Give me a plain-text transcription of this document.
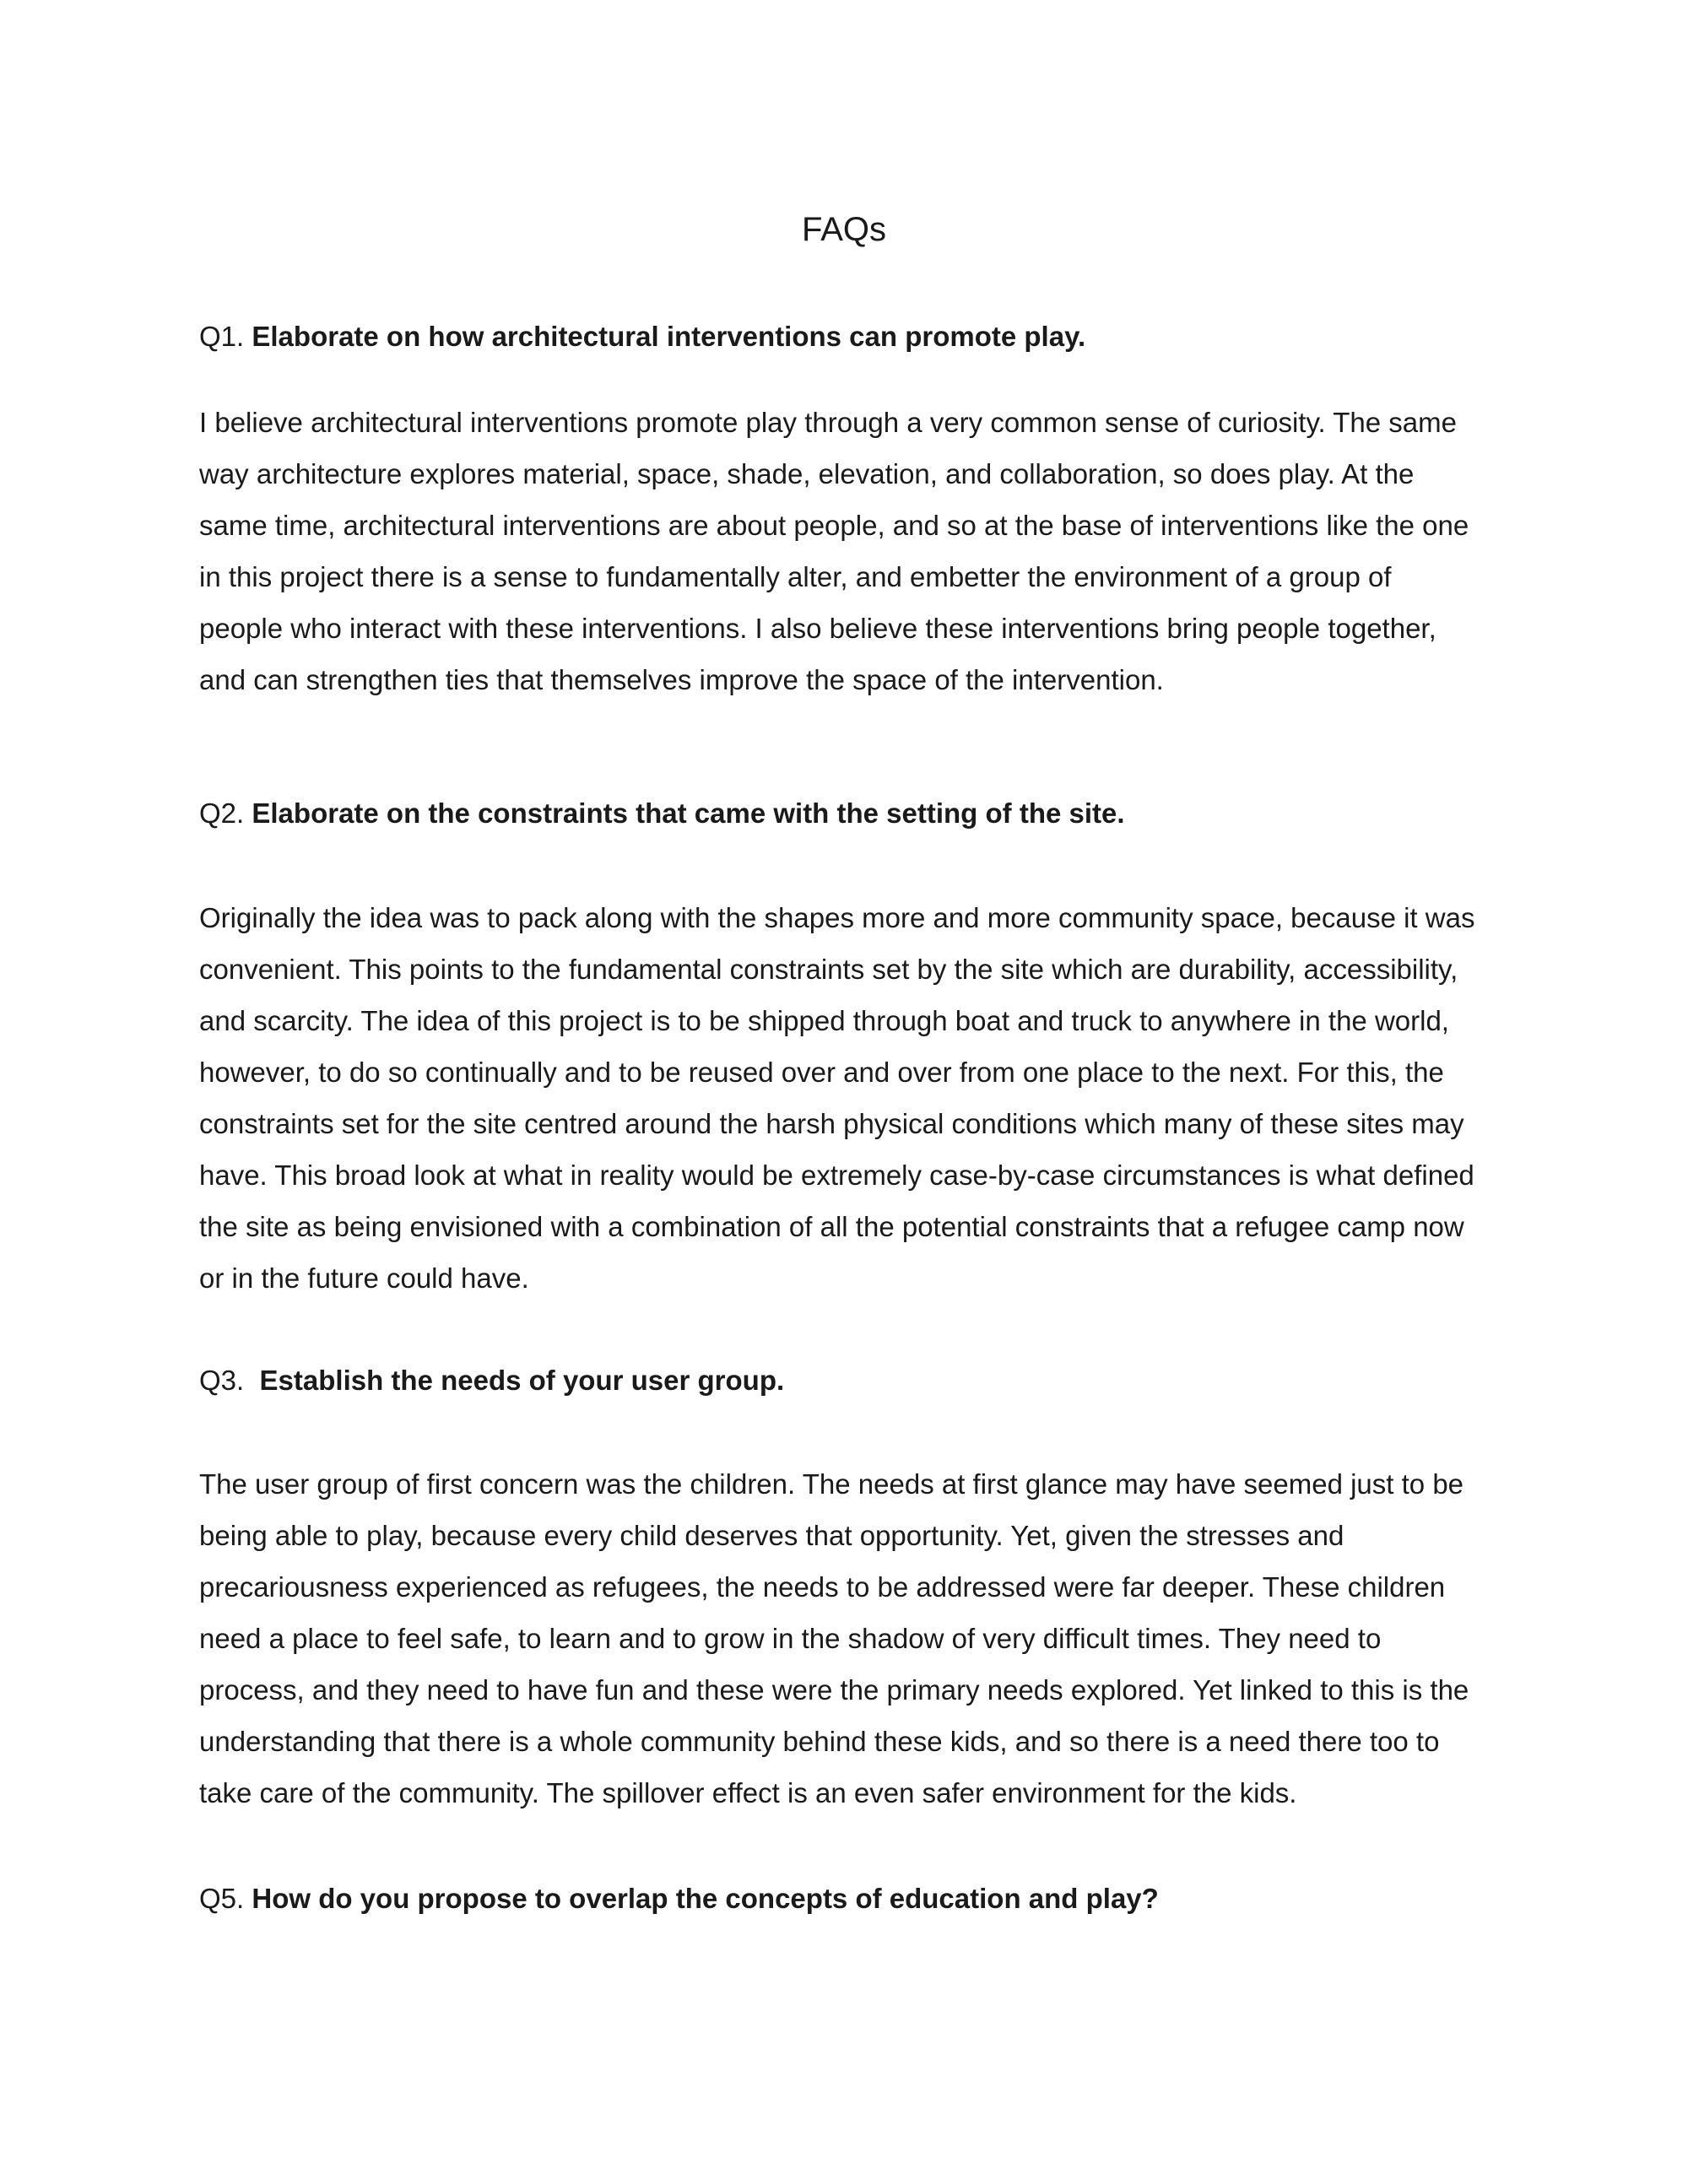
FAQs

Q1. Elaborate on how architectural interventions can promote play.

I believe architectural interventions promote play through a very common sense of curiosity. The same
way architecture explores material, space, shade, elevation, and collaboration, so does play. At the
same time, architectural interventions are about people, and so at the base of interventions like the one
in this project there is a sense to fundamentally alter, and embetter the environment of a group of
people who interact with these interventions. I also believe these interventions bring people together,
and can strengthen ties that themselves improve the space of the intervention.

Q2. Elaborate on the constraints that came with the setting of the site.

Originally the idea was to pack along with the shapes more and more community space, because it was
convenient. This points to the fundamental constraints set by the site which are durability, accessibility,
and scarcity. The idea of this project is to be shipped through boat and truck to anywhere in the world,
however, to do so continually and to be reused over and over from one place to the next. For this, the
constraints set for the site centred around the harsh physical conditions which many of these sites may
have. This broad look at what in reality would be extremely case-by-case circumstances is what defined
the site as being envisioned with a combination of all the potential constraints that a refugee camp now
or in the future could have.

Q3. Establish the needs of your user group.

The user group of first concern was the children. The needs at first glance may have seemed just to be
being able to play, because every child deserves that opportunity. Yet, given the stresses and
precariousness experienced as refugees, the needs to be addressed were far deeper. These children
need a place to feel safe, to learn and to grow in the shadow of very difficult times. They need to
process, and they need to have fun and these were the primary needs explored. Yet linked to this is the
understanding that there is a whole community behind these kids, and so there is a need there too to
take care of the community. The spillover effect is an even safer environment for the kids.

Q5. How do you propose to overlap the concepts of education and play?
